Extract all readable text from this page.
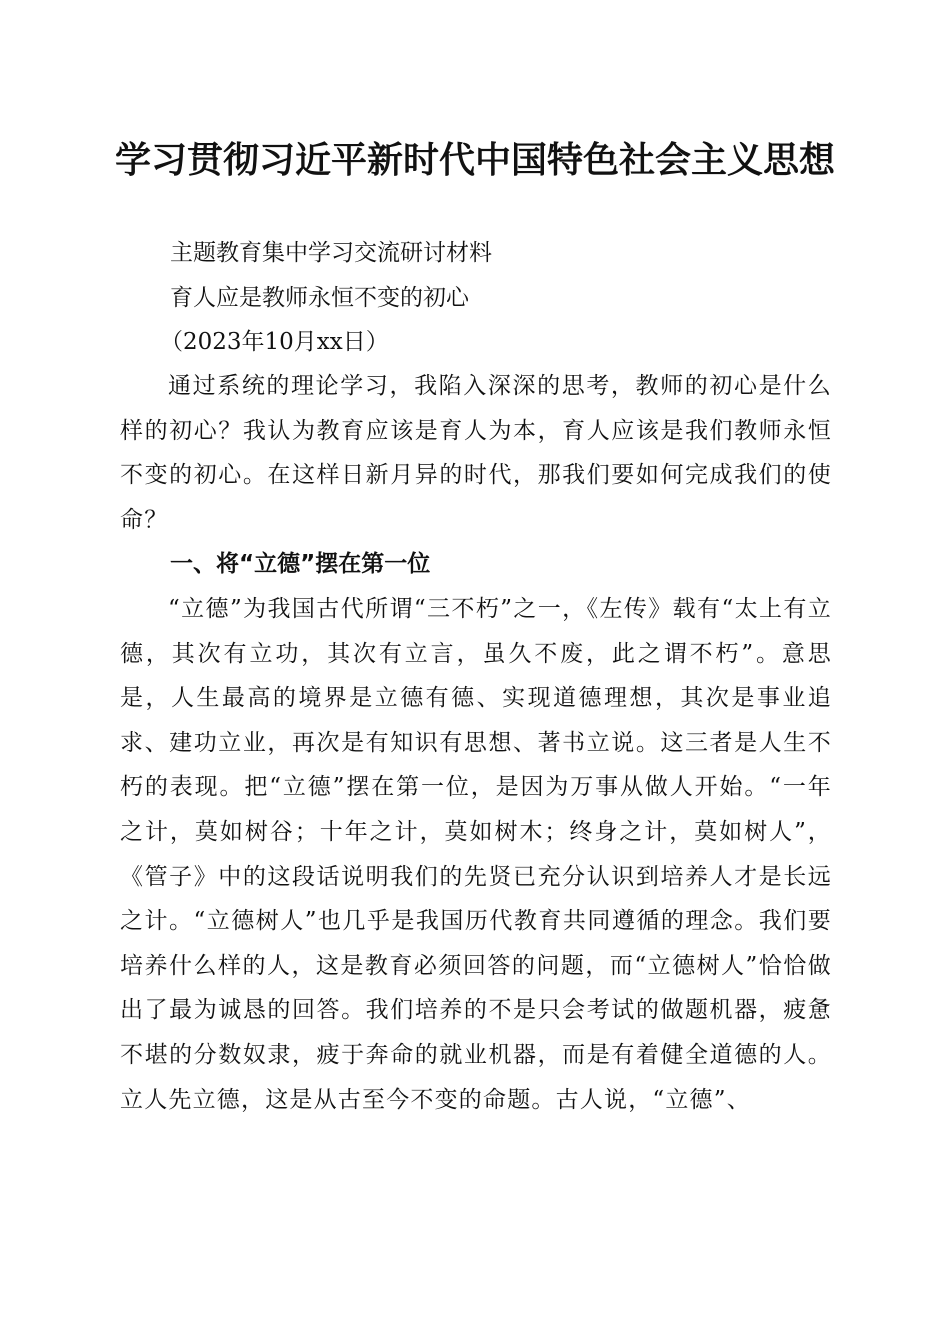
学习贯彻习近平新时代中国特色社会主义思想

主题教育集中学习交流研讨材料

育人应是教师永恒不变的初心

（2023年10月xx日）

通过系统的理论学习，我陷入深深的思考，教师的初心是什么样的初心？我认为教育应该是育人为本，育人应该是我们教师永恒不变的初心。在这样日新月异的时代，那我们要如何完成我们的使命？

一、将“立德”摆在第一位

“立德”为我国古代所谓“三不朽”之一，《左传》载有“太上有立德，其次有立功，其次有立言，虽久不废，此之谓不朽”。意思是，人生最高的境界是立德有德、实现道德理想，其次是事业追求、建功立业，再次是有知识有思想、著书立说。这三者是人生不朽的表现。把“立德”摆在第一位，是因为万事从做人开始。“一年之计，莫如树谷；十年之计，莫如树木；终身之计，莫如树人”，《管子》中的这段话说明我们的先贤已充分认识到培养人才是长远之计。“立德树人”也几乎是我国历代教育共同遵循的理念。我们要培养什么样的人，这是教育必须回答的问题，而“立德树人”恰恰做出了最为诚恳的回答。我们培养的不是只会考试的做题机器，疲惫不堪的分数奴隶，疲于奔命的就业机器，而是有着健全道德的人。立人先立德，这是从古至今不变的命题。古人说，“立德”、
